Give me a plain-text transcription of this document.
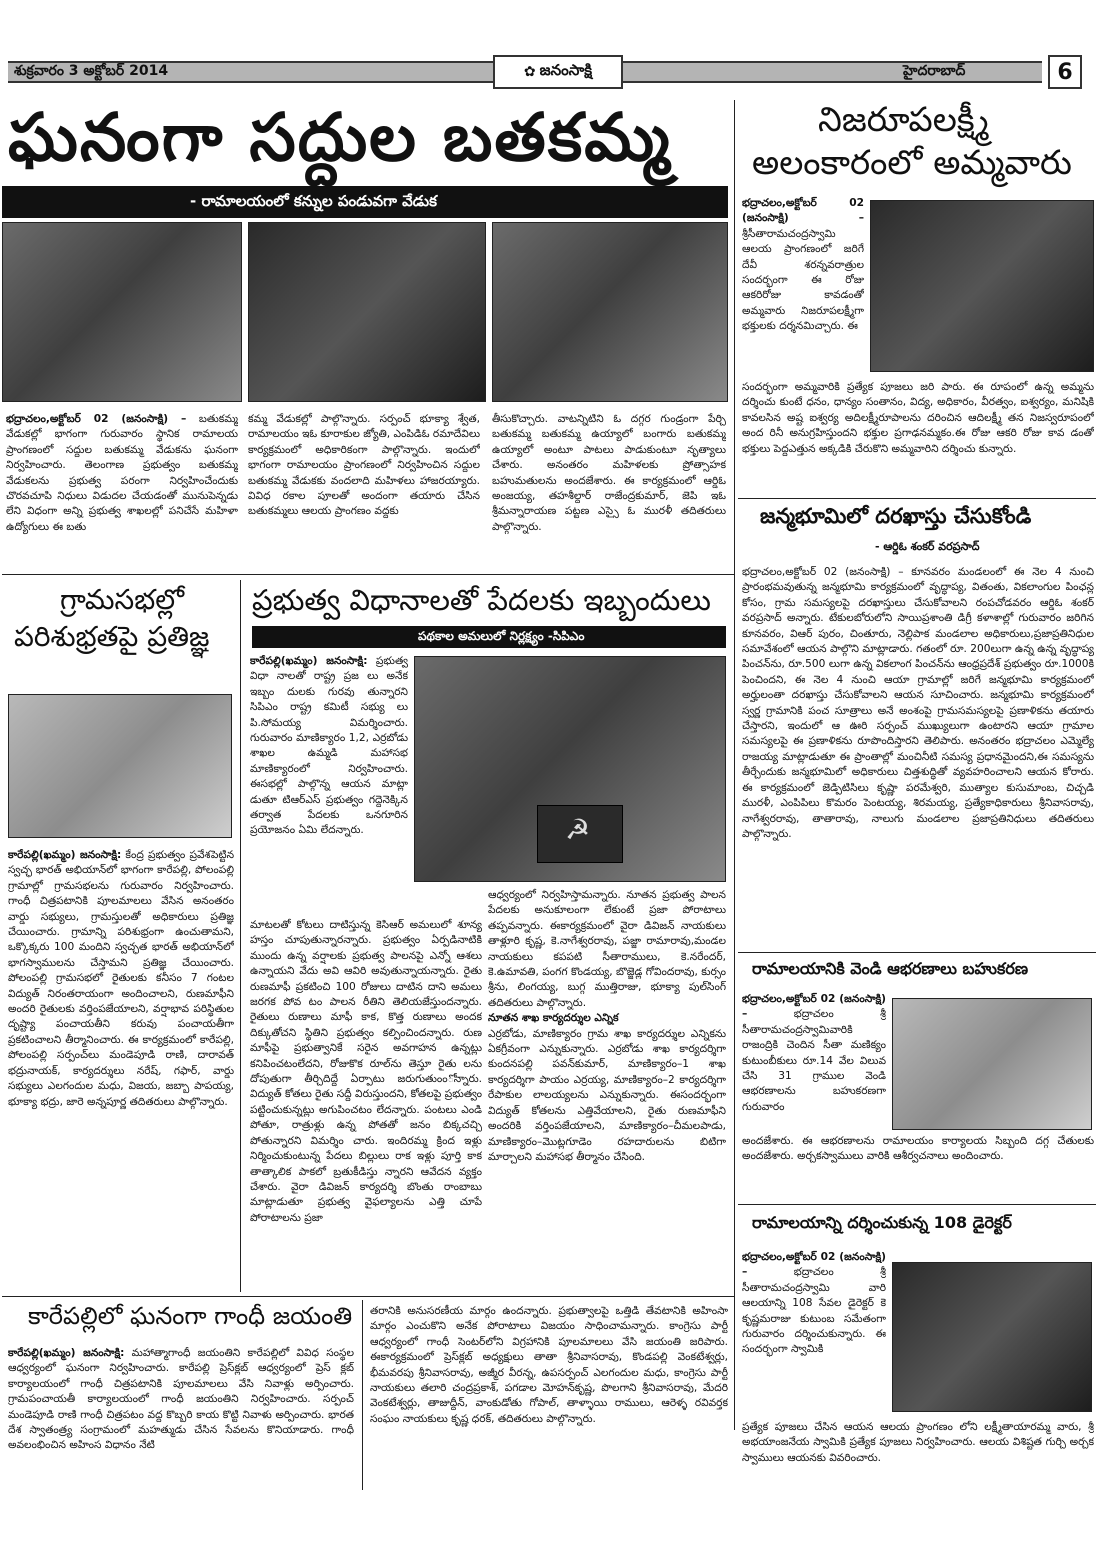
శుక్రవారం 3 అక్టోబర్ 2014	✿ జనంసాక్షి	హైదరాబాద్	6
ఘనంగా సద్దుల బతకమ్మ
- రామాలయంలో కన్నుల పండువగా వేడుక
భద్రాచలం,అక్టోబర్ 02 (జనంసాక్షి) – బతుకమ్మ వేడుకల్లో భాగంగా గురువారం స్థానిక రామాలయ ప్రాంగణంలో సద్దుల బతుకమ్మ వేడుకను ఘనంగా నిర్వహించారు. తెలంగాణ ప్రభుత్వం బతుకమ్మ వేడుకలను ప్రభుత్వ పరంగా నిర్వహించేందుకు చొరవచూపి నిధులు విడుదల చేయడంతో మునుపెన్నడు లేని విధంగా అన్ని ప్రభుత్వ శాఖలల్లో పనిచేసే మహిళా ఉద్యోగులు ఈ బతు
కమ్మ వేడుకల్లో పాల్గొన్నారు. సర్పంచ్ భూక్యా శ్వేత, రామాలయం ఇఓ కూరాకుల జ్యోతి, ఎంపిడిఓ రమాదేవిలు కార్యక్రమంలో అధికారికంగా పాల్గొన్నారు. ఇందులో భాగంగా రామాలయం ప్రాంగణంలో నిర్వహించిన సద్దుల బతుకమ్మ వేడుకకు వందలాది మహిళలు హాజరయ్యారు. వివిధ రకాల పూలతో అందంగా తయారు చేసిన బతుకమ్మలు ఆలయ ప్రాంగణం వద్దకు
తీసుకొచ్చారు. వాటన్నిటిని ఓ దగ్గర గుండ్రంగా పేర్చి బతుకమ్మ బతుకమ్మ ఉయ్యాలో బంగారు బతుకమ్మ ఉయ్యాలో అంటూ పాటలు పాడుకుంటూ నృత్యాలు చేశారు. అనంతరం మహిళలకు ప్రోత్సాహక బహుమతులను అందజేశారు. ఈ కార్యక్రమంలో ఆర్డిఓ అంజయ్య, తహశీల్దార్ రాజేంద్రకుమార్, జెపి ఇఓ శ్రీమన్నారాయణ పట్టణ ఎస్సై ఓ మురళీ తదితరులు పాల్గొన్నారు.
నిజరూపలక్ష్మీ
అలంకారంలో అమ్మవారు
భద్రాచలం,అక్టోబర్ 02 (జనంసాక్షి) – శ్రీసీతారామచంద్రస్వామి ఆలయ ప్రాంగణంలో జరిగే దేవీ శరన్నవరాత్రుల సందర్భంగా ఈ రోజు ఆకరిరోజు కావడంతో అమ్మవారు నిజరూపలక్ష్మీగా భక్తులకు దర్శనమిచ్చారు. ఈ
సందర్భంగా అమ్మవారికి ప్రత్యేక పూజలు జరి పారు. ఈ రూపంలో ఉన్న అమ్మను దర్శించు కుంటే ధనం, ధాన్యం సంతానం, విద్య, అధికారం, వీరత్వం, ఐశ్వర్యం, మనిషికి కావలసిన అష్ట ఐశ్వర్య అదిలక్ష్మీరూపాలను దరించిన ఆదిలక్ష్మీ తన నిజస్వరూపంలో అంద రినీ అనుగ్రహిస్తుందని భక్తుల ప్రగాఢనమ్మకం.ఈ రోజు ఆకరి రోజు కావ డంతో భక్తులు పెద్దఎత్తున అక్కడికి చేరుకొని అమ్మవారిని దర్శించు కున్నారు.
జన్మభూమిలో దరఖాస్తు చేసుకోండి
- ఆర్డిఓ శంకర్ వరప్రసాద్
భద్రాచలం,అక్టోబర్ 02 (జనంసాక్షి) – కూనవరం మండలంలో ఈ నెల 4 నుంచి ప్రారంభమవుతున్న జన్మభూమి కార్యక్రమంలో వృద్ధాప్య, వితంతు, వికలాంగుల పింఛన్ల కోసం, గ్రామ సమస్యలపై దరఖాస్తులు చేసుకోవాలని రంపచోడవరం ఆర్డిఓ శంకర్ వరప్రసాద్ అన్నారు. టేకులబోరులోని సాయిప్రశాంతి డిగ్రీ కళాశాల్లో గురువారం జరిగిన కూనవరం, విఆర్ పురం, చింతూరు, నెల్లిపాక మండలాల అధికారులు,ప్రజాప్రతినిధుల సమావేశంలో ఆయన పాల్గొని మాట్లాడారు. గతంలో రూ. 200లుగా ఉన్న ఉన్న వృద్ధాప్య పించన్‌ను, రూ.500 లుగా ఉన్న వికలాంగ పించన్‌ను ఆంధ్రప్రదేశ్ ప్రభుత్వం రూ.1000కి పెంచిందని, ఈ నెల 4 నుంచి ఆయా గ్రామాల్లో జరిగే జన్మభూమి కార్యక్రమంలో అర్హులంతా దరఖాస్తు చేసుకోవాలని ఆయన సూచించారు. జన్మభూమి కార్యక్రమంలో స్వర్ణ గ్రామానికి పంచ సూత్రాలు అనే అంశంపై గ్రామసమస్యలపై ప్రణాళికను తయారు చేస్తారని, ఇందులో ఆ ఊరి సర్పంచ్ ముఖ్యులుగా ఉంటారని ఆయా గ్రామాల సమస్యలపై ఈ ప్రణాళికను రూపొందిస్తారని తెలిపారు. అనంతరం భద్రాచలం ఎమ్మెల్యే రాజయ్య మాట్లాడుతూ ఈ ప్రాంతాల్లో మంచినీటి సమస్య ప్రధానమైందని,ఈ సమస్యను తీర్చేందుకు జన్మభూమిలో అధికారులు చిత్తశుద్ధితో వ్యవహరించాలని ఆయన కోరారు. ఈ కార్యక్రమంలో జెడ్పిటిసిలు కృష్ణా పరమేశ్వరి, ముత్యాల కుసుమాంబ, చిచ్చడి మురళీ, ఎంపిపిలు కొమరం పెంటయ్య, శిరమయ్య, ప్రత్యేకాధికారులు శ్రీనివాసరావు, నాగేశ్వరరావు, తాతారావు, నాలుగు మండలాల ప్రజాప్రతినిధులు తదితరులు పాల్గొన్నారు.
రామాలయానికి వెండి ఆభరణాలు బహుకరణ
భద్రాచలం,అక్టోబర్ 02 (జనంసాక్షి) –	భద్రాచలం శ్రీ సీతారామచంద్రస్వామివారికి రాజంద్రికి చెందిన సీతా మణిక్యం కుటుంబీకులు రూ.14 వేల విలువ చేసి 31 గ్రాముల వెండి ఆభరణాలను బహుకరణగా గురువారం
అందజేశారు. ఈ ఆభరణాలను రామాలయం కార్యాలయ సిబ్బంది దగ్గ చేతులకు అందజేశారు. అర్చకస్వాములు వారికి ఆశీర్వచనాలు అందించారు.
రామాలయాన్ని దర్శించుకున్న 108 డైరెక్టర్
భద్రాచలం,అక్టోబర్ 02 (జనంసాక్షి) –	భద్రాచలం శ్రీ సీతారామచంద్రస్వామి వారి ఆలయాన్ని 108 సేవల డైరెక్టర్ కె కృష్ణమరాజు కుటుంబ సమేతంగా గురువారం దర్శించుకున్నారు. ఈ సందర్భంగా స్వామికి
ప్రత్యేక పూజలు చేసిన ఆయన ఆలయ ప్రాంగణం లోని లక్ష్మీతాయారమ్మ వారు, శ్రీ అభయాంజనేయ స్వామికి ప్రత్యేక పూజలు నిర్వహించారు. ఆలయ విశిష్టత గుర్చి అర్చక స్వాములు ఆయనకు వివరించారు.
గ్రామసభల్లో
పరిశుభ్రతపై ప్రతిజ్ఞ
కారేపల్లి(ఖమ్మం) జనంసాక్షి: కేంద్ర ప్రభుత్వం ప్రవేశపెట్టిన స్వచ్ఛ భారత్ అభియాన్‌లో భాగంగా కారేపల్లి, పోలంపల్లి గ్రామాల్లో గ్రామసభలను గురువారం నిర్వహించారు. గాంధీ చిత్రపటానికి పూలమాలలు వేసిన అనంతరం వార్డు సభ్యులు, గ్రామస్తులతో అధికారులు ప్రతిజ్ఞ చేయించారు. గ్రామాన్ని పరిశుభ్రంగా ఉంచుతామని, ఒక్కొక్కరు 100 మందిని స్వచ్ఛత భారత్ అభియాన్‌లో భాగస్వాములను చేస్తామని ప్రతిజ్ఞ చేయించారు. పోలంపల్లి గ్రామసభలో రైతులకు కనీసం 7 గంటల విద్యుత్ నిరంతరాయంగా అందించాలని, రుణమాఫీని అందరి రైతులకు వర్తింపజేయాలని, వర్షాభావ పరిస్థితుల దృష్ట్యా పంచాయతీని కరువు పంచాయతీగా ప్రకటించాలని తీర్మానించారు. ఈ కార్యక్రమంలో కారేపల్లి, పోలంపల్లి సర్పంచ్‌లు మండెపూడి రాణి, దారావత్ భద్రునాయక్, కార్యదర్శులు నరేష్, గఫార్, వార్డు సభ్యులు ఎలగందుల మధు, విజయ, జబ్బా పాపయ్య, భూక్యా భద్రు, జారె అన్నపూర్ణ తదితరులు పాల్గొన్నారు.
ప్రభుత్వ విధానాలతో పేదలకు ఇబ్బందులు
పథకాల అమలులో నిర్లక్ష్యం -సిపిఎం
కారేపల్లి(ఖమ్మం) జనంసాక్షి: ప్రభుత్వ విధా నాలతో రాష్ట్ర ప్రజ లు అనేక ఇబ్బం దులకు గురవు తున్నారని సిపిఎం రాష్ట్ర కమిటీ సభ్యు లు పి.సోమయ్య విమర్శించారు. గురువారం మాణిక్యారం 1,2, ఎర్రబోడు శాఖల ఉమ్మడి మహాసభ మాణిక్యారంలో నిర్వహించారు. ఈసభల్లో పాల్గొన్న ఆయన మాట్లా డుతూ టిఆర్ఎస్ ప్రభుత్వం గద్దెనెక్కిన తర్వాత పేదలకు ఒనగూరిన ప్రయోజనం ఏమి లేదన్నారు.	☭
మాటలతో కోటలు దాటిస్తున్న కెసిఆర్ అమలులో శూన్య హస్తం చూపుతున్నారన్నారు. ప్రభుత్వం ఏర్పడినాటికి ముందు ఉన్న వర్షాలకు ప్రభుత్వ పాలనపై ఎన్నో ఆశలు ఉన్నాయని వేదు అవి ఆవిరి అవుతున్నాయన్నారు. రైతు రుణమాఫీ ప్రకటించి 100 రోజులు దాటిన దాని అమలు జరగక పోవ టం పాలన రీతిని తెలియజేస్తుందన్నారు. రైతులు రుణాలు మాఫీ కాక, కొత్త రుణాలు అందక దిక్కుతోచని స్థితిని ప్రభుత్వం కల్పించిందన్నారు. రుణ మాఫీపై ప్రభుత్వానికే సరైన అవగాహన ఉన్నట్లు కనిపించటంలేదని, రోజుకొక రూల్‌ను తెస్తూ రైతు లను దోపుతుగా తీర్చిదిద్దే ఏర్పాటు జరుగుతుంంో‌న్నారు. విద్యుత్ కోతలు రైతు సద్దీ విరుస్తుందని, కోతలపై ప్రభుత్వం పట్టించుకున్నట్లు అగుపించటం లేదన్నారు. పంటలు ఎండి పోతూ, రాత్రుళ్లు ఉన్న పోతతో జనం బిక్కచచ్చి పోతున్నారని విమర్శిం చారు. ఇందిరమ్మ క్రింద ఇళ్లు నిర్మించుకుంటున్న పేదలు బిల్లులు రాక ఇళ్లు పూర్తి కాక తాత్కాలిక పాకలో బ్రతుకీడిస్తు న్నారని ఆవేదన వ్యక్తం చేశారు. వైరా డివిజన్ కార్యదర్శి బొంతు రాంబాబు మాట్లాడుతూ ప్రభుత్వ వైఫల్యాలను ఎత్తి చూపే పోరాటాలను ప్రజా
ఆధ్వర్యంలో నిర్వహిస్తామన్నారు. నూతన ప్రభుత్వ పాలన పేదలకు అనుకూలంగా లేకుంటే ప్రజా పోరాటాలు తప్పవన్నారు. ఈకార్యక్రమంలో వైరా డివిజన్ నాయకులు తాళ్లూరి కృష్ణ, కె.నాగేశ్వరరావు, పజ్జా రామారావు,మండల నాయకులు కపపటి సీతారాములు, కె.నరేందర్, కె.ఉమావతి, పంగగ కొండయ్య, బొజ్జెడ్ల గోవిందరావు, కుర్సం శ్రీను, లింగయ్య, బుగ్గ ముత్తిరాజు, భూక్యా పుల్‌సింగ్ తదితరులు పాల్గొన్నారు.
నూతన శాఖ కార్యదర్శుల ఎన్నిక
ఎర్రబోడు, మాణిక్యారం గ్రామ శాఖ కార్యదర్శుల ఎన్నికను ఏకగ్రీవంగా ఎన్నుకున్నారు. ఎర్రబోడు శాఖ కార్యదర్శిగా కుందనపల్లి పవన్‌కుమార్, మాణిక్యారం–1 శాఖ కార్యదర్శిగా పాయం ఎర్రయ్య, మాణిక్యారం–2 కార్యదర్శిగా రేపాకుల లాలయ్యలను ఎన్నుకున్నారు. ఈసందర్భంగా విద్యుత్ కోతలను ఎత్తివేయాలని, రైతు రుణమాఫీని అందరికి వర్తింపజేయాలని, మాణిక్యారం–చీమలపాడు, మాణిక్యారం–మొట్లగూడెం రహదారులను బిటిగా మార్చాలని మహాసభ తీర్మానం చేసింది.
కారేపల్లిలో ఘనంగా గాంధీ జయంతి
కారేపల్లి(ఖమ్మం) జనంసాక్షి: మహాత్మాగాంధీ జయంతిని కారేపల్లిలో వివిధ సంస్థల ఆధ్వర్యంలో ఘనంగా నిర్వహించారు. కారేపల్లి ప్రెస్‌క్లబ్ ఆధ్వర్యంలో ప్రెస్ క్లబ్ కార్యాలయంలో గాంధీ చిత్రపటానికి పూలమాలలు వేసి నివాళ్లు అర్పించారు. గ్రామపంచాయతీ కార్యాలయంలో గాంధీ జయంతిని నిర్వహించారు. సర్పంచ్ మండెపూడి రాణి గాంధీ చిత్రపటం వద్ద కొబ్బరి కాయ కొట్టి నివాళు అర్పించారు. భారత దేశ స్వాతంత్ర్య సంగ్రామంలో మహత్ముడు చేసిన సేవలను కొనియాడారు. గాంధీ అవలంభించిన అహింస విధానం నేటి
తరానికి అనుసరణీయ మార్గం ఉందన్నారు. ప్రభుత్వాలపై ఒత్తిడి తేవటానికి అహింసా మార్గం ఎంచుకొని అనేక పోరాటాలు విజయం సాధించామన్నారు. కాంగ్రెసు పార్టీ ఆధ్వర్యంలో గాంధీ సెంటర్‌లోని విగ్రహానికి పూలమాలలు వేసి జయంతి జరిపారు. ఈకార్యక్రమంలో ప్రెస్‌క్లబ్ అధ్యక్షులు తాతా శ్రీనివాసరావు, కొండపల్లి వెంకటేశ్వర్లు, భీమవరపు శ్రీనివాసరావు, అజ్మీర వీరన్న, ఉపసర్పంచ్ ఎలగందుల మధు, కాంగ్రెసు పార్టీ నాయకులు తలారి చంద్రప్రకాశ్, పగడాల మోహన్‌కృష్ణ, పొలగాని శ్రీనివాసరావు, మేదరి వెంకటేశ్వర్లు, తాజుద్దీన్, వాంకుడోతు గోపాల్, తాళ్ళాయి రాములు, ఆరెళ్ళ రవివర్తక సంఘం నాయకులు కృష్ణ ధరక్, తదితరులు పాల్గొన్నారు.
